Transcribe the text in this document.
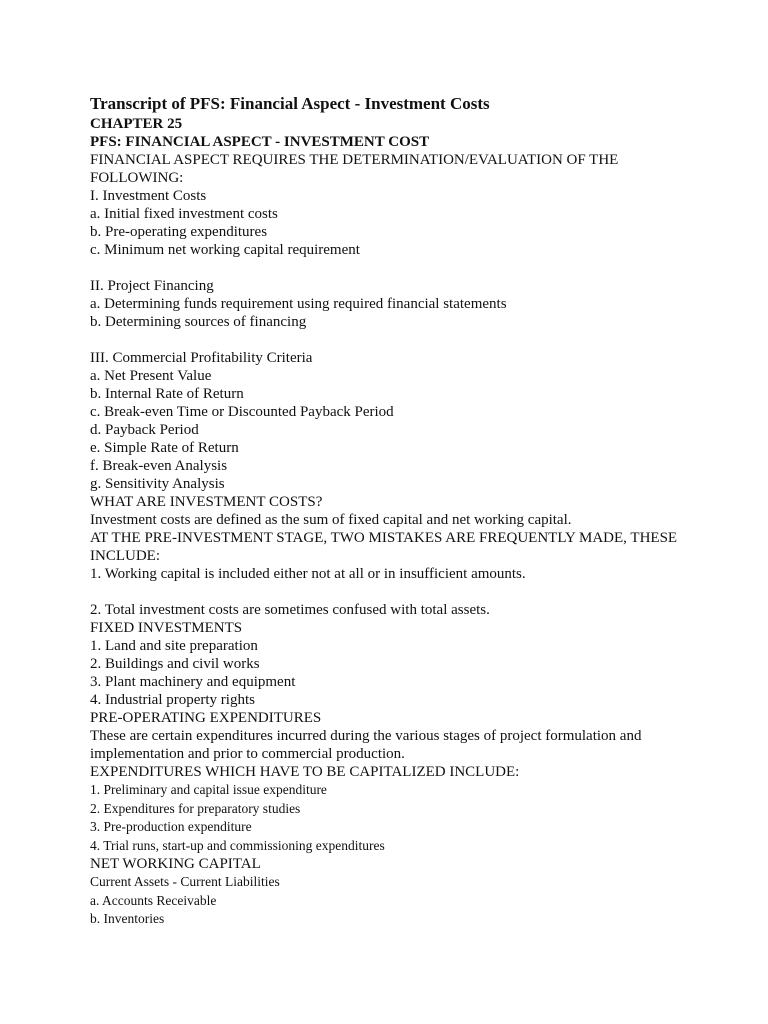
Transcript of PFS: Financial Aspect - Investment Costs
CHAPTER 25
PFS: FINANCIAL ASPECT - INVESTMENT COST
FINANCIAL ASPECT REQUIRES THE DETERMINATION/EVALUATION OF THE FOLLOWING:
I. Investment Costs
a. Initial fixed investment costs
b. Pre-operating expenditures
c. Minimum net working capital requirement
II. Project Financing
a. Determining funds requirement using required financial statements
b. Determining sources of financing
III. Commercial Profitability Criteria
a. Net Present Value
b. Internal Rate of Return
c. Break-even Time or Discounted Payback Period
d. Payback Period
e. Simple Rate of Return
f. Break-even Analysis
g. Sensitivity Analysis
WHAT ARE INVESTMENT COSTS?
Investment costs are defined as the sum of fixed capital and net working capital.
AT THE PRE-INVESTMENT STAGE, TWO MISTAKES ARE FREQUENTLY MADE, THESE INCLUDE:
1. Working capital is included either not at all or in insufficient amounts.
2. Total investment costs are sometimes confused with total assets.
FIXED INVESTMENTS
1. Land and site preparation
2. Buildings and civil works
3. Plant machinery and equipment
4. Industrial property rights
PRE-OPERATING EXPENDITURES
These are certain expenditures incurred during the various stages of project formulation and implementation and prior to commercial production.
EXPENDITURES WHICH HAVE TO BE CAPITALIZED INCLUDE:
1. Preliminary and capital issue expenditure
2. Expenditures for preparatory studies
3. Pre-production expenditure
4. Trial runs, start-up and commissioning expenditures
NET WORKING CAPITAL
Current Assets - Current Liabilities
a. Accounts Receivable
b. Inventories
